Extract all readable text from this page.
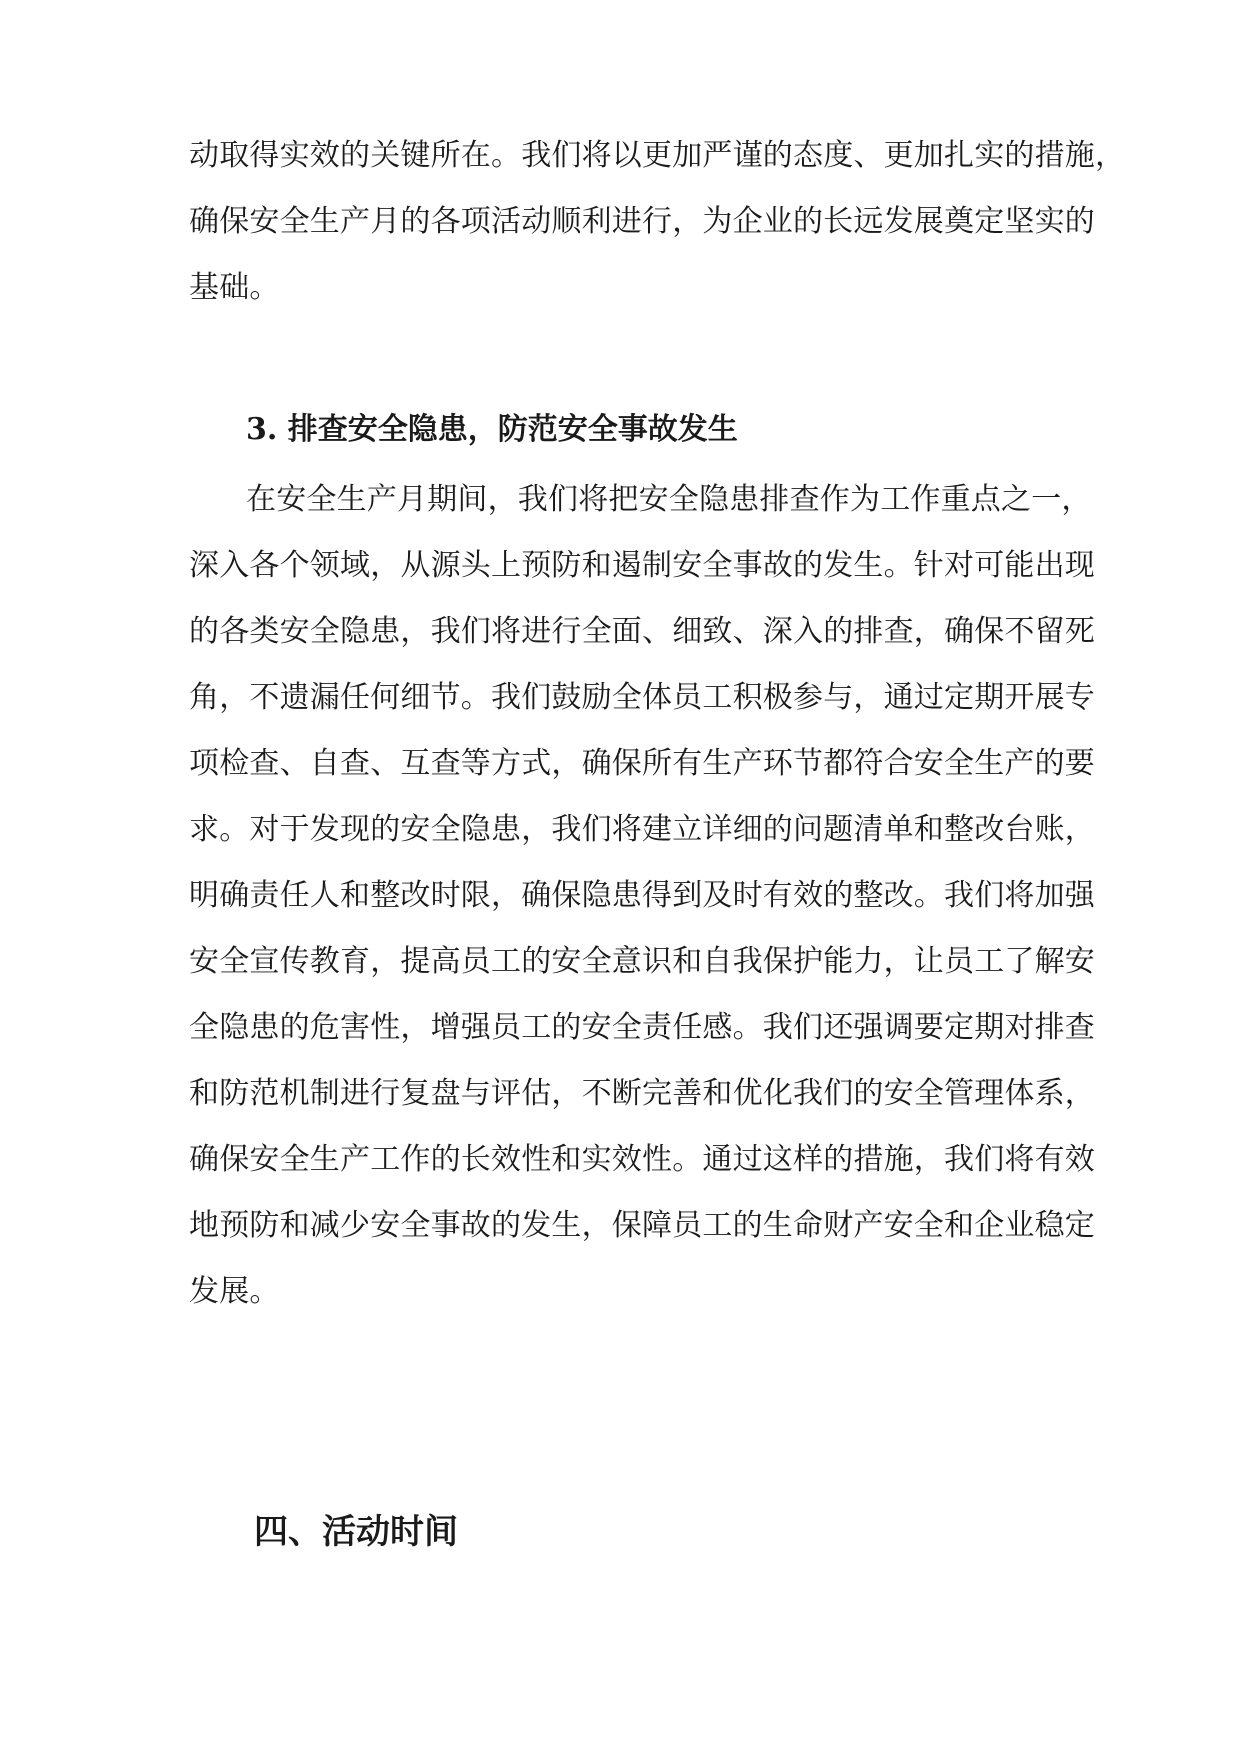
动取得实效的关键所在。我们将以更加严谨的态度、更加扎实的措施，
确保安全生产月的各项活动顺利进行，为企业的长远发展奠定坚实的
基础。
3. 排查安全隐患，防范安全事故发生
在安全生产月期间，我们将把安全隐患排查作为工作重点之一，
深入各个领域，从源头上预防和遏制安全事故的发生。针对可能出现
的各类安全隐患，我们将进行全面、细致、深入的排查，确保不留死
角，不遗漏任何细节。我们鼓励全体员工积极参与，通过定期开展专
项检查、自查、互查等方式，确保所有生产环节都符合安全生产的要
求。对于发现的安全隐患，我们将建立详细的问题清单和整改台账，
明确责任人和整改时限，确保隐患得到及时有效的整改。我们将加强
安全宣传教育，提高员工的安全意识和自我保护能力，让员工了解安
全隐患的危害性，增强员工的安全责任感。我们还强调要定期对排查
和防范机制进行复盘与评估，不断完善和优化我们的安全管理体系，
确保安全生产工作的长效性和实效性。通过这样的措施，我们将有效
地预防和减少安全事故的发生，保障员工的生命财产安全和企业稳定
发展。
四、活动时间
